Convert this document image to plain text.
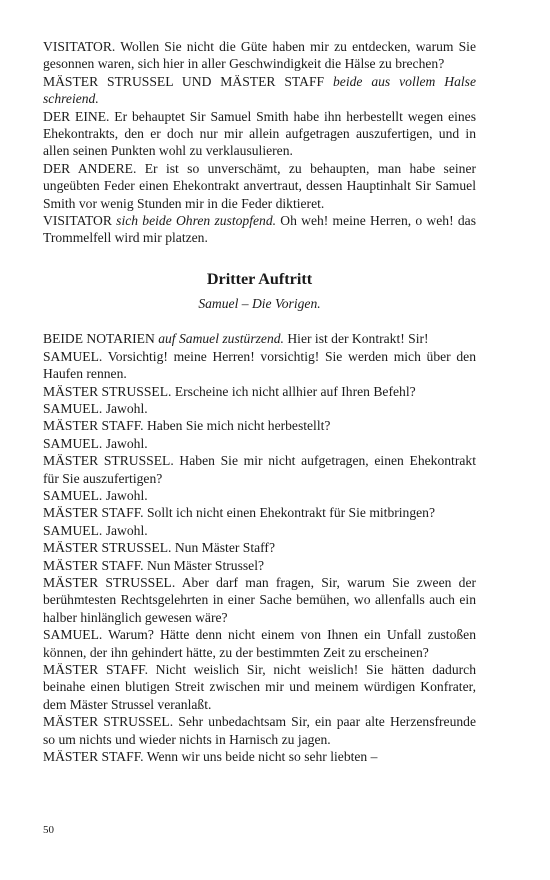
VISITATOR. Wollen Sie nicht die Güte haben mir zu entdecken, warum Sie gesonnen waren, sich hier in aller Geschwindigkeit die Hälse zu brechen?

MÄSTER STRUSSEL UND MÄSTER STAFF beide aus vollem Halse schreiend.

DER EINE. Er behauptet Sir Samuel Smith habe ihn herbestellt wegen eines Ehekontrakts, den er doch nur mir allein aufgetragen auszufertigen, und in allen seinen Punkten wohl zu verklausulieren.

DER ANDERE. Er ist so unverschämt, zu behaupten, man habe seiner ungeübten Feder einen Ehekontrakt anvertraut, dessen Hauptinhalt Sir Samuel Smith vor wenig Stunden mir in die Feder diktieret.

VISITATOR sich beide Ohren zustopfend. Oh weh! meine Herren, o weh! das Trommelfell wird mir platzen.

Dritter Auftritt

Samuel – Die Vorigen.

BEIDE NOTARIEN auf Samuel zustürzend. Hier ist der Kontrakt! Sir!

SAMUEL. Vorsichtig! meine Herren! vorsichtig! Sie werden mich über den Haufen rennen.

MÄSTER STRUSSEL. Erscheine ich nicht allhier auf Ihren Befehl?

SAMUEL. Jawohl.

MÄSTER STAFF. Haben Sie mich nicht herbestellt?

SAMUEL. Jawohl.

MÄSTER STRUSSEL. Haben Sie mir nicht aufgetragen, einen Ehekontrakt für Sie auszufertigen?

SAMUEL. Jawohl.

MÄSTER STAFF. Sollt ich nicht einen Ehekontrakt für Sie mitbringen?

SAMUEL. Jawohl.

MÄSTER STRUSSEL. Nun Mäster Staff?

MÄSTER STAFF. Nun Mäster Strussel?

MÄSTER STRUSSEL. Aber darf man fragen, Sir, warum Sie zween der berühmtesten Rechtsgelehrten in einer Sache bemühen, wo allenfalls auch ein halber hinlänglich gewesen wäre?

SAMUEL. Warum? Hätte denn nicht einem von Ihnen ein Unfall zustoßen können, der ihn gehindert hätte, zu der bestimmten Zeit zu erscheinen?

MÄSTER STAFF. Nicht weislich Sir, nicht weislich! Sie hätten dadurch beinahe einen blutigen Streit zwischen mir und meinem würdigen Konfrater, dem Mäster Strussel veranlaßt.

MÄSTER STRUSSEL. Sehr unbedachtsam Sir, ein paar alte Herzensfreunde so um nichts und wieder nichts in Harnisch zu jagen.

MÄSTER STAFF. Wenn wir uns beide nicht so sehr liebten –

50
